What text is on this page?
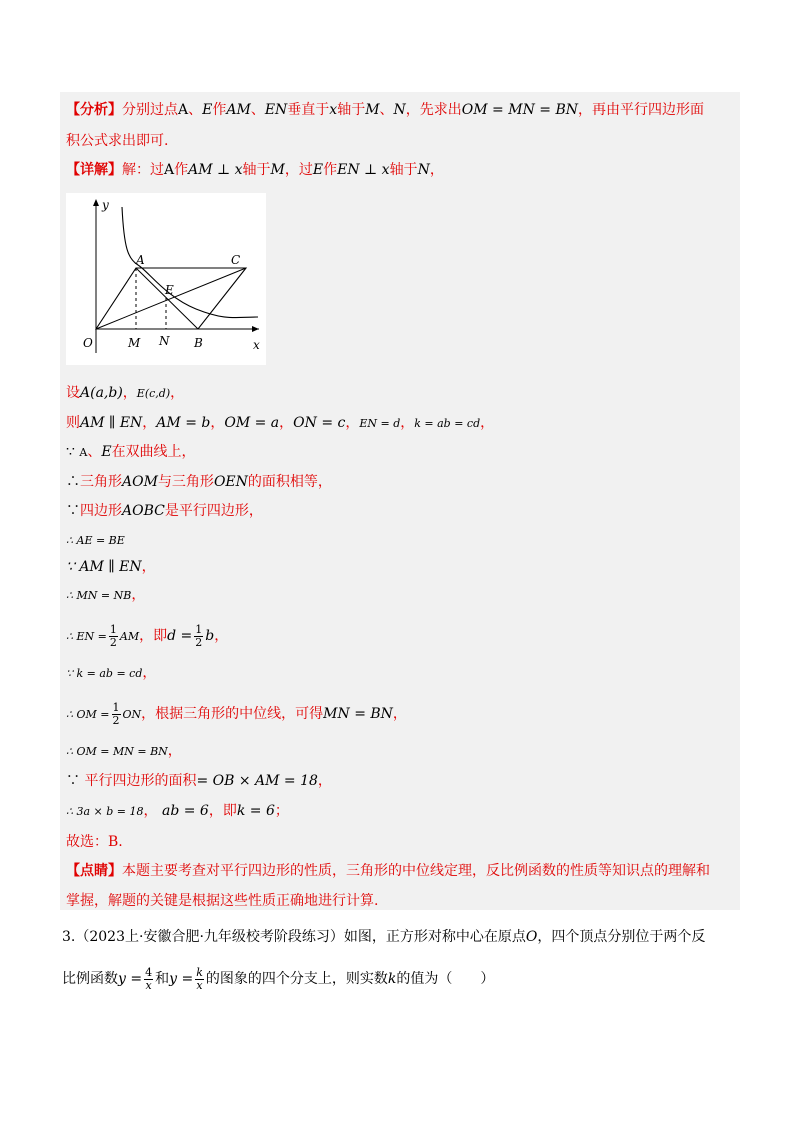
【分析】分别过点A、E作AM、EN垂直于x轴于M、N，先求出OM = MN = BN，再由平行四边形面
积公式求出即可.
【详解】解：过A作AM ⊥ x轴于M，过E作EN ⊥ x轴于N，
y
x
O	M N B
A
E
C
设A(a,b)，E(c,d)，
则AM ∥ EN，AM = b，OM = a，ON = c，EN = d，k = ab = cd，
∵ A、E在双曲线上，
∴三角形AOM与三角形OEN的面积相等，
∵四边形AOBC是平行四边形，
∴ AE = BE
∵ AM ∥ EN，
∴ MN = NB，
∴ EN = $\frac{1}{2}$ AM，即$d = \frac{1}{2}$ b，
∵ k = ab = cd，
∴ OM = $\frac{1}{2}$ ON，根据三角形的中位线，可得MN = BN，
∴ OM = MN = BN，
∵ 平行四边形的面积= OB × AM = 18，
∴ 3a × b = 18， ab = 6，即k = 6；
故选：B.
【点睛】本题主要考查对平行四边形的性质，三角形的中位线定理，反比例函数的性质等知识点的理解和
掌握，解题的关键是根据这些性质正确地进行计算.
3.（2023上·安徽合肥·九年级校考阶段练习）如图，正方形对称中心在原点O，四个顶点分别位于两个反
比例函数$y = \frac{4}{x}$ 和$y = \frac{k}{x}$ 的图象的四个分支上，则实数k的值为（　　）
